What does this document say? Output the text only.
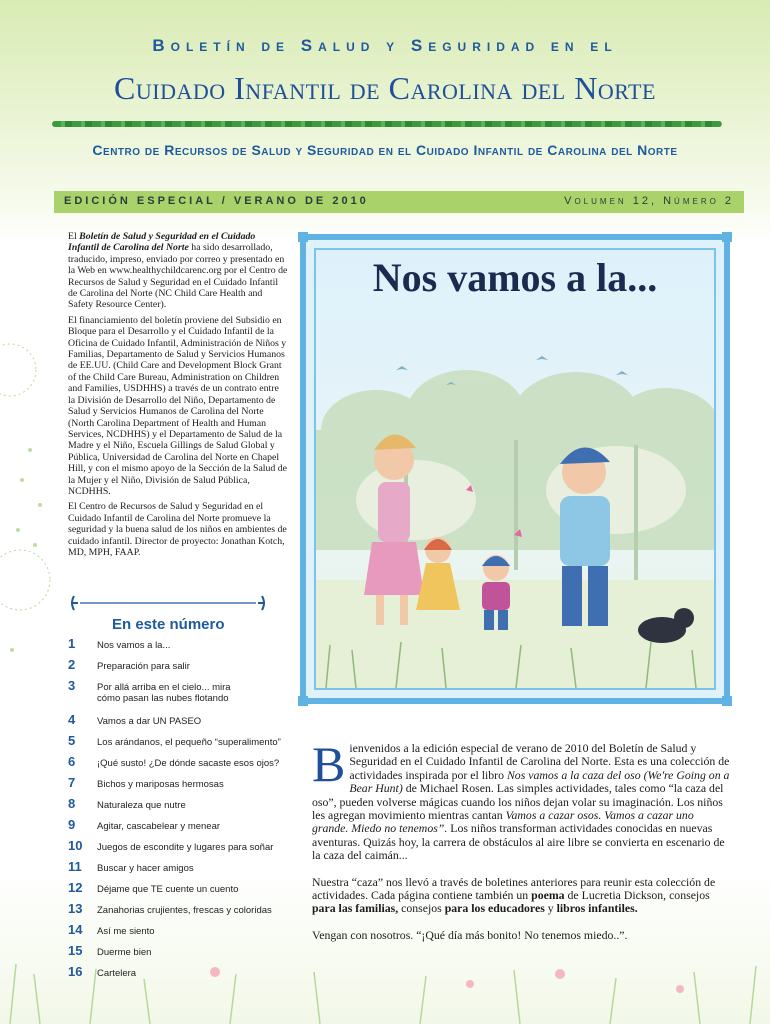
Boletín de Salud y Seguridad en el
Cuidado Infantil de Carolina del Norte
Centro de Recursos de Salud y Seguridad en el Cuidado Infantil de Carolina del Norte
EDICIÓN ESPECIAL / VERANO DE 2010	Volumen 12, Número 2

El Boletín de Salud y Seguridad en el Cuidado Infantil de Carolina del Norte ha sido desarrollado, traducido, impreso, enviado por correo y presentado en la Web en www.healthychildcarenc.org por el Centro de Recursos de Salud y Seguridad en el Cuidado Infantil de Carolina del Norte (NC Child Care Health and Safety Resource Center).

El financiamiento del boletín proviene del Subsidio en Bloque para el Desarrollo y el Cuidado Infantil de la Oficina de Cuidado Infantil, Administración de Niños y Familias, Departamento de Salud y Servicios Humanos de EE.UU. (Child Care and Development Block Grant of the Child Care Bureau, Administration on Children and Families, USDHHS) a través de un contrato entre la División de Desarrollo del Niño, Departamento de Salud y Servicios Humanos de Carolina del Norte (North Carolina Department of Health and Human Services, NCDHHS) y el Departamento de Salud de la Madre y el Niño, Escuela Gillings de Salud Global y Pública, Universidad de Carolina del Norte en Chapel Hill, y con el mismo apoyo de la Sección de la Salud de la Mujer y el Niño, División de Salud Pública, NCDHHS.

El Centro de Recursos de Salud y Seguridad en el Cuidado Infantil de Carolina del Norte promueve la seguridad y la buena salud de los niños en ambientes de cuidado infantil. Director de proyecto: Jonathan Kotch, MD, MPH, FAAP.

En este número
1 Nos vamos a la...
2 Preparación para salir
3 Por allá arriba en el cielo... mira cómo pasan las nubes flotando
4 Vamos a dar UN PASEO
5 Los arándanos, el pequeño “superalimento”
6 ¡Qué susto! ¿De dónde sacaste esos ojos?
7 Bichos y mariposas hermosas
8 Naturaleza que nutre
9 Agitar, cascabelear y menear
10 Juegos de escondite y lugares para soñar
11 Buscar y hacer amigos
12 Déjame que TE cuente un cuento
13 Zanahorias crujientes, frescas y coloridas
14 Así me siento
15 Duerme bien
16 Cartelera
Nos vamos a la...

Bienvenidos a la edición especial de verano de 2010 del Boletín de Salud y Seguridad en el Cuidado Infantil de Carolina del Norte. Esta es una colección de actividades inspirada por el libro Nos vamos a la caza del oso (We're Going on a Bear Hunt) de Michael Rosen. Las simples actividades, tales como “la caza del oso”, pueden volverse mágicas cuando los niños dejan volar su imaginación. Los niños les agregan movimiento mientras cantan Vamos a cazar osos. Vamos a cazar uno grande. Miedo no tenemos”. Los niños transforman actividades conocidas en nuevas aventuras. Quizás hoy, la carrera de obstáculos al aire libre se convierta en escenario de la caza del caimán...

Nuestra “caza” nos llevó a través de boletines anteriores para reunir esta colección de actividades. Cada página contiene también un poema de Lucretia Dickson, consejos para las familias, consejos para los educadores y libros infantiles.

Vengan con nosotros. “¡Qué día más bonito! No tenemos miedo..”.
